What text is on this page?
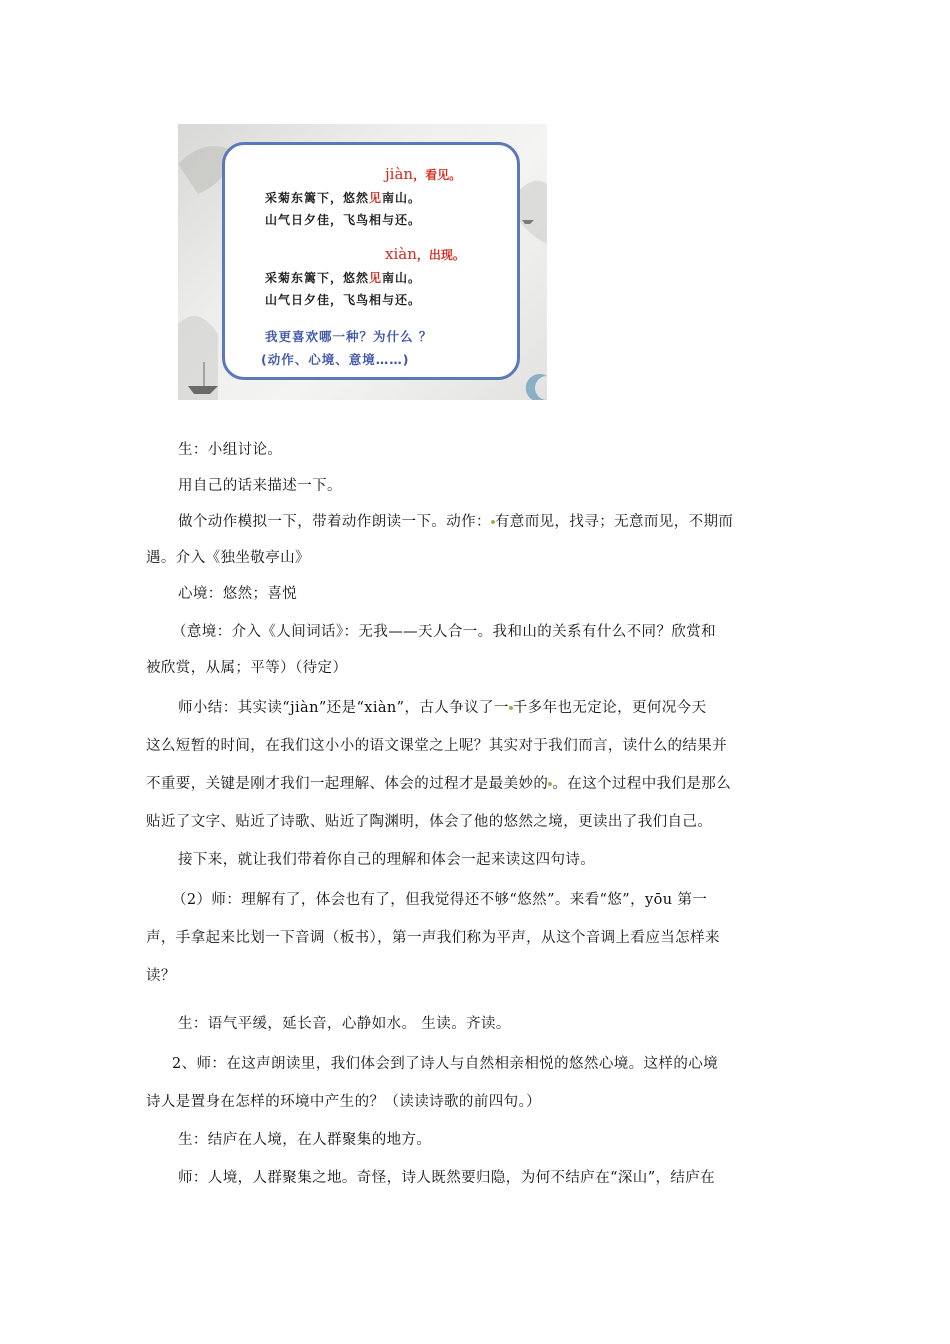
jiàn，看见。
采菊东篱下，悠然见南山。
山气日夕佳，飞鸟相与还。
xiàn，出现。
采菊东篱下，悠然见南山。
山气日夕佳，飞鸟相与还。
我更喜欢哪一种？为什么 ？
(动作、心境、意境……)
生：小组讨论。
用自己的话来描述一下。
做个动作模拟一下，带着动作朗读一下。动作： 有意而见，找寻；无意而见，不期而
遇。介入《独坐敬亭山》
心境：悠然；喜悦
（意境：介入《人间词话》：无我——天人合一。我和山的关系有什么不同？欣赏和
被欣赏，从属；平等）（待定）
师小结：其实读“jiàn”还是“xiàn”，古人争议了一 千多年也无定论，更何况今天
这么短暂的时间，在我们这小小的语文课堂之上呢？其实对于我们而言，读什么的结果并
不重要，关键是刚才我们一起理解、体会的过程才是最美妙的 。在这个过程中我们是那么
贴近了文字、贴近了诗歌、贴近了陶渊明，体会了他的悠然之境，更读出了我们自己。
接下来，就让我们带着你自己的理解和体会一起来读这四句诗。
（2）师：理解有了，体会也有了，但我觉得还不够“悠然”。来看“悠”，yōu 第一
声，手拿起来比划一下音调（板书），第一声我们称为平声，从这个音调上看应当怎样来
读？
生：语气平缓，延长音，心静如水。 生读。齐读。
2、师：在这声朗读里，我们体会到了诗人与自然相亲相悦的悠然心境。这样的心境
诗人是置身在怎样的环境中产生的？（读读诗歌的前四句。）
生：结庐在人境，在人群聚集的地方。
师：人境，人群聚集之地。奇怪，诗人既然要归隐，为何不结庐在“深山”，结庐在
